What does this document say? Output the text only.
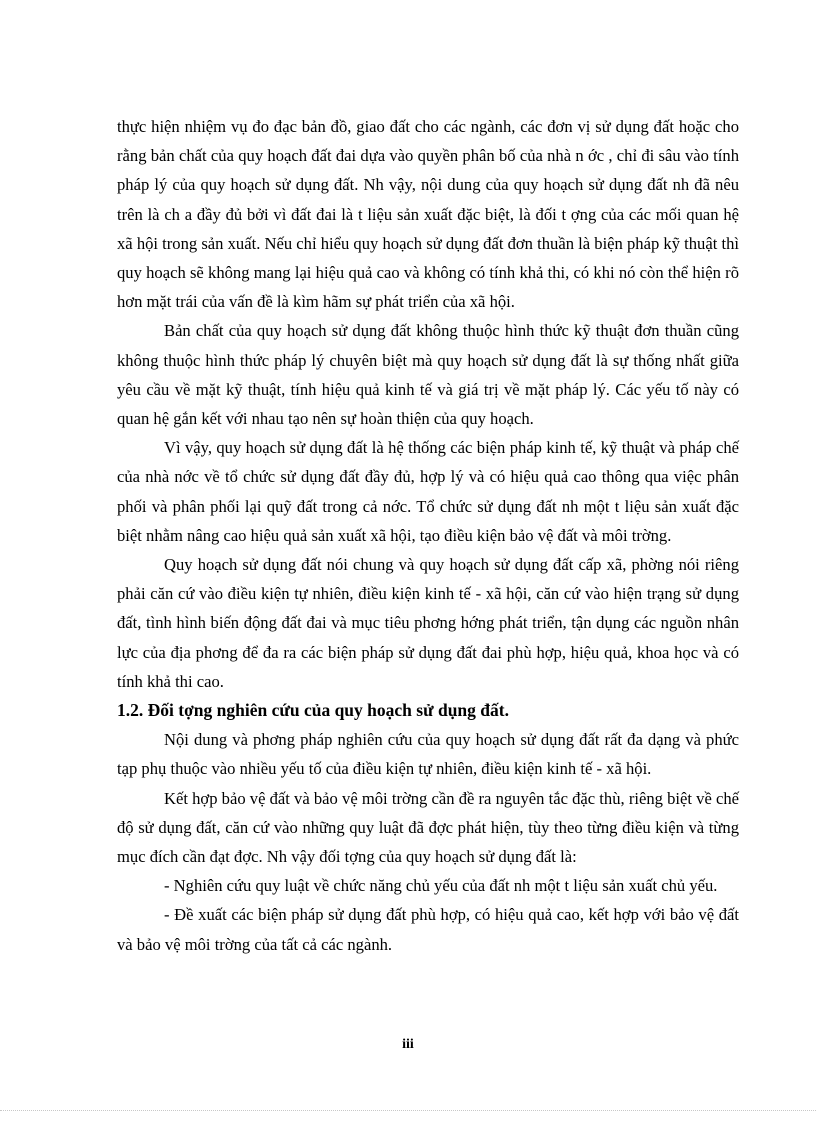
thực hiện nhiệm vụ đo đạc bản đồ, giao đất cho các ngành, các đơn vị sử dụng đất hoặc cho rằng bản chất của quy hoạch đất đai dựa vào quyền phân bố của nhà n ớc , chỉ đi sâu vào tính pháp lý của quy hoạch sử dụng đất. Nh vậy, nội dung của quy hoạch sử dụng đất nh đã nêu trên là ch a đầy đủ bởi vì đất đai là t liệu sản xuất đặc biệt, là đối t ợng của các mối quan hệ xã hội trong sản xuất. Nếu chỉ hiểu quy hoạch sử dụng đất đơn thuần là biện pháp kỹ thuật thì quy hoạch sẽ không mang lại hiệu quả cao và không có tính khả thi, có khi nó còn thể hiện rõ hơn mặt trái của vấn đề là kìm hãm sự phát triển của xã hội.

Bản chất của quy hoạch sử dụng đất không thuộc hình thức kỹ thuật đơn thuần cũng không thuộc hình thức pháp lý chuyên biệt mà quy hoạch sử dụng đất là sự thống nhất giữa yêu cầu về mặt kỹ thuật, tính hiệu quả kinh tế và giá trị về mặt pháp lý. Các yếu tố này có quan hệ gắn kết với nhau tạo nên sự hoàn thiện của quy hoạch.

Vì vậy, quy hoạch sử dụng đất là hệ thống các biện pháp kinh tế, kỹ thuật và pháp chế của nhà nớc về tổ chức sử dụng đất đầy đủ, hợp lý và có hiệu quả cao thông qua việc phân phối và phân phối lại quỹ đất trong cả nớc. Tổ chức sử dụng đất nh một t liệu sản xuất đặc biệt nhằm nâng cao hiệu quả sản xuất xã hội, tạo điều kiện bảo vệ đất và môi trờng.

Quy hoạch sử dụng đất nói chung và quy hoạch sử dụng đất cấp xã, phờng nói riêng phải căn cứ vào điều kiện tự nhiên, điều kiện kinh tế - xã hội, căn cứ vào hiện trạng sử dụng đất, tình hình biến động đất đai và mục tiêu phơng hớng phát triển, tận dụng các nguồn nhân lực của địa phơng để đa ra các biện pháp sử dụng đất đai phù hợp, hiệu quả, khoa học và có tính khả thi cao.

1.2. Đối tợng nghiên cứu của quy hoạch sử dụng đất.

Nội dung và phơng pháp nghiên cứu của quy hoạch sử dụng đất rất đa dạng và phức tạp phụ thuộc vào nhiều yếu tố của điều kiện tự nhiên, điều kiện kinh tế - xã hội.

Kết hợp bảo vệ đất và bảo vệ môi trờng cần đề ra nguyên tắc đặc thù, riêng biệt về chế độ sử dụng đất, căn cứ vào những quy luật đã đợc phát hiện, tùy theo từng điều kiện và từng mục đích cần đạt đợc. Nh vậy đối tợng của quy hoạch sử dụng đất là:

- Nghiên cứu quy luật về chức năng chủ yếu của đất nh một t liệu sản xuất chủ yếu.

- Đề xuất các biện pháp sử dụng đất phù hợp, có hiệu quả cao, kết hợp với bảo vệ đất và bảo vệ môi trờng của tất cả các ngành.

iii
